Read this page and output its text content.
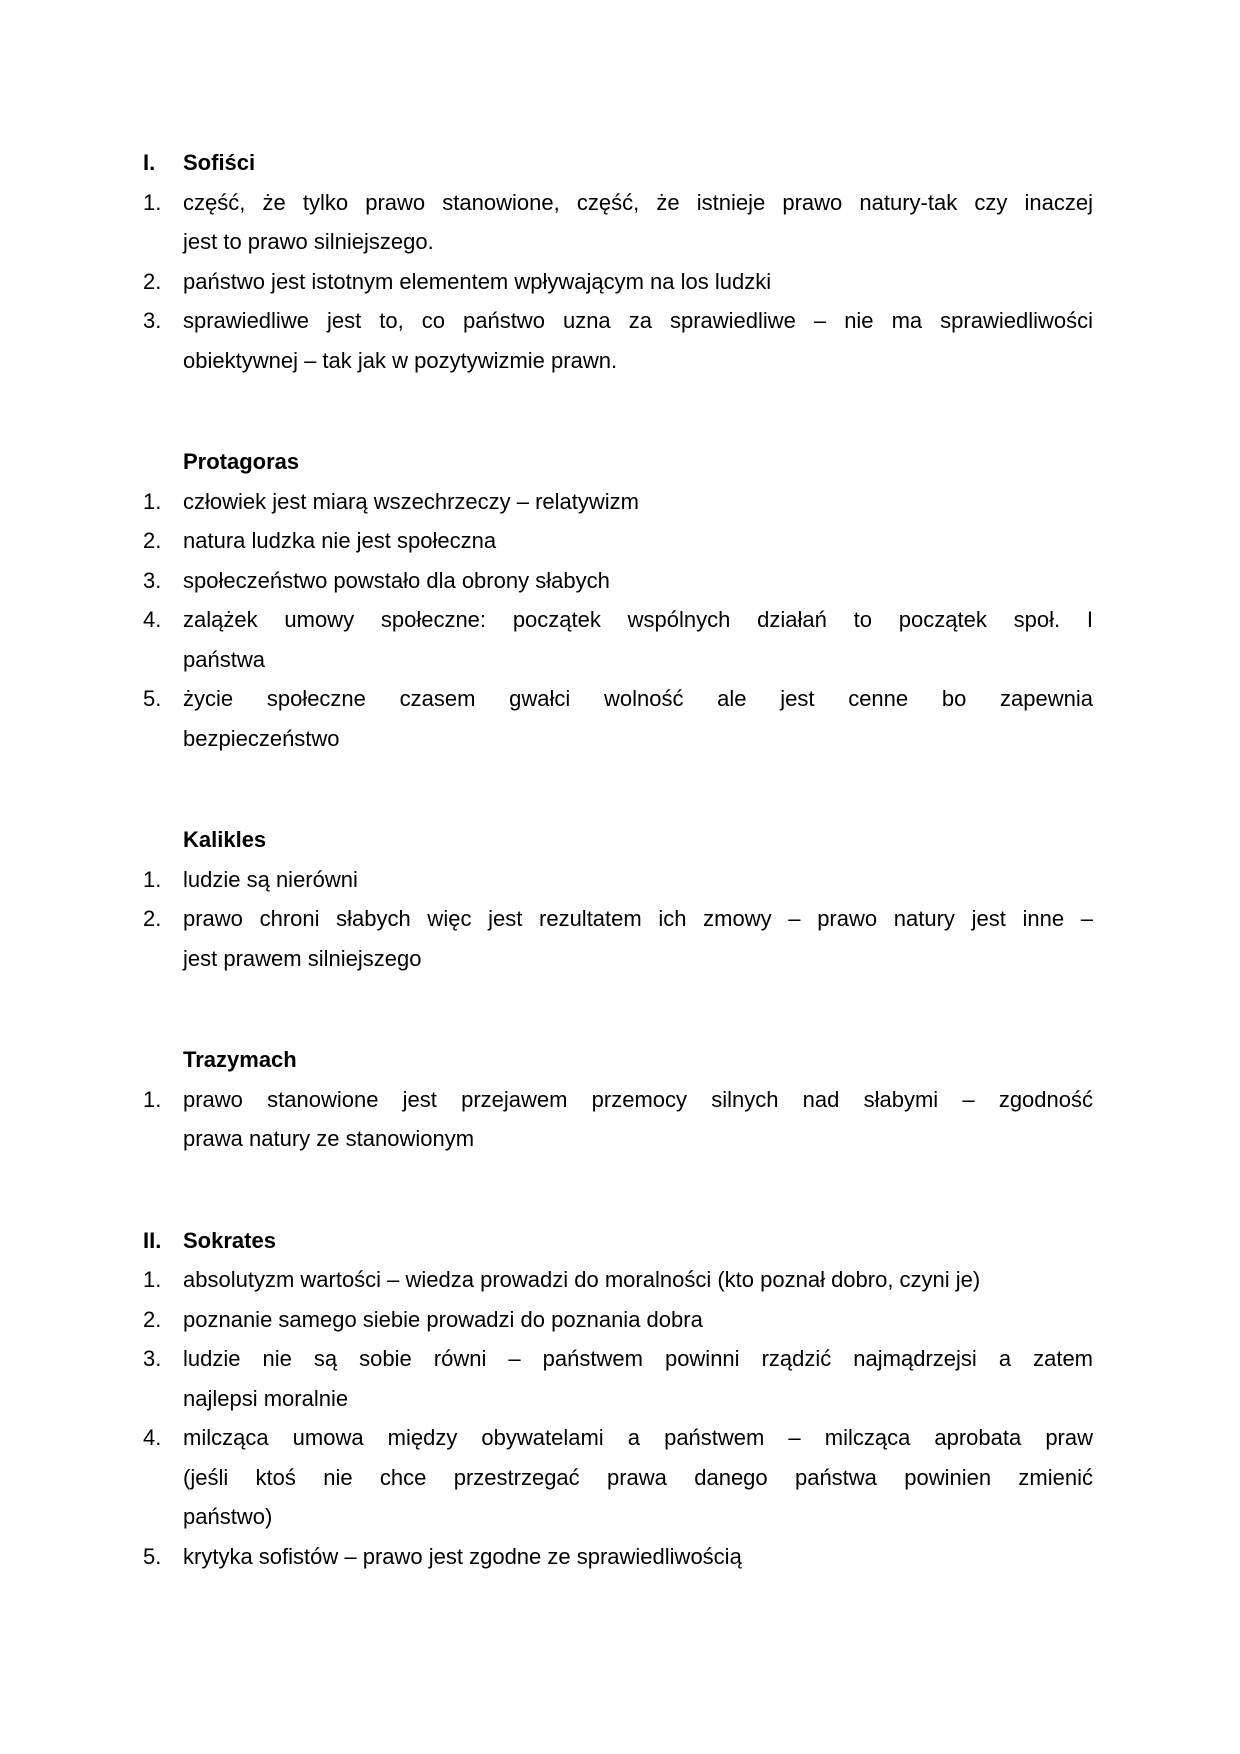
I.	Sofiści
1. część, że tylko prawo stanowione, część, że istnieje prawo natury-tak czy inaczej
jest to prawo silniejszego.
2. państwo jest istotnym elementem wpływającym na los ludzki
3. sprawiedliwe jest to, co państwo uzna za sprawiedliwe – nie ma sprawiedliwości
obiektywnej – tak jak w pozytywizmie prawn.
Protagoras
1. człowiek jest miarą wszechrzeczy – relatywizm
2. natura ludzka nie jest społeczna
3. społeczeństwo powstało dla obrony słabych
4. zalążek umowy społeczne: początek wspólnych działań to początek społ. I
państwa
5. życie społeczne czasem gwałci wolność ale jest cenne bo zapewnia
bezpieczeństwo
Kalikles
1. ludzie są nierówni
2. prawo chroni słabych więc jest rezultatem ich zmowy – prawo natury jest inne –
jest prawem silniejszego
Trazymach
1. prawo stanowione jest przejawem przemocy silnych nad słabymi – zgodność
prawa natury ze stanowionym
II. Sokrates
1. absolutyzm wartości – wiedza prowadzi do moralności (kto poznał dobro, czyni je)
2. poznanie samego siebie prowadzi do poznania dobra
3. ludzie nie są sobie równi – państwem powinni rządzić najmądrzejsi a zatem
najlepsi moralnie
4. milcząca umowa między obywatelami a państwem – milcząca aprobata praw
(jeśli ktoś nie chce przestrzegać prawa danego państwa powinien zmienić
państwo)
5. krytyka sofistów – prawo jest zgodne ze sprawiedliwością
